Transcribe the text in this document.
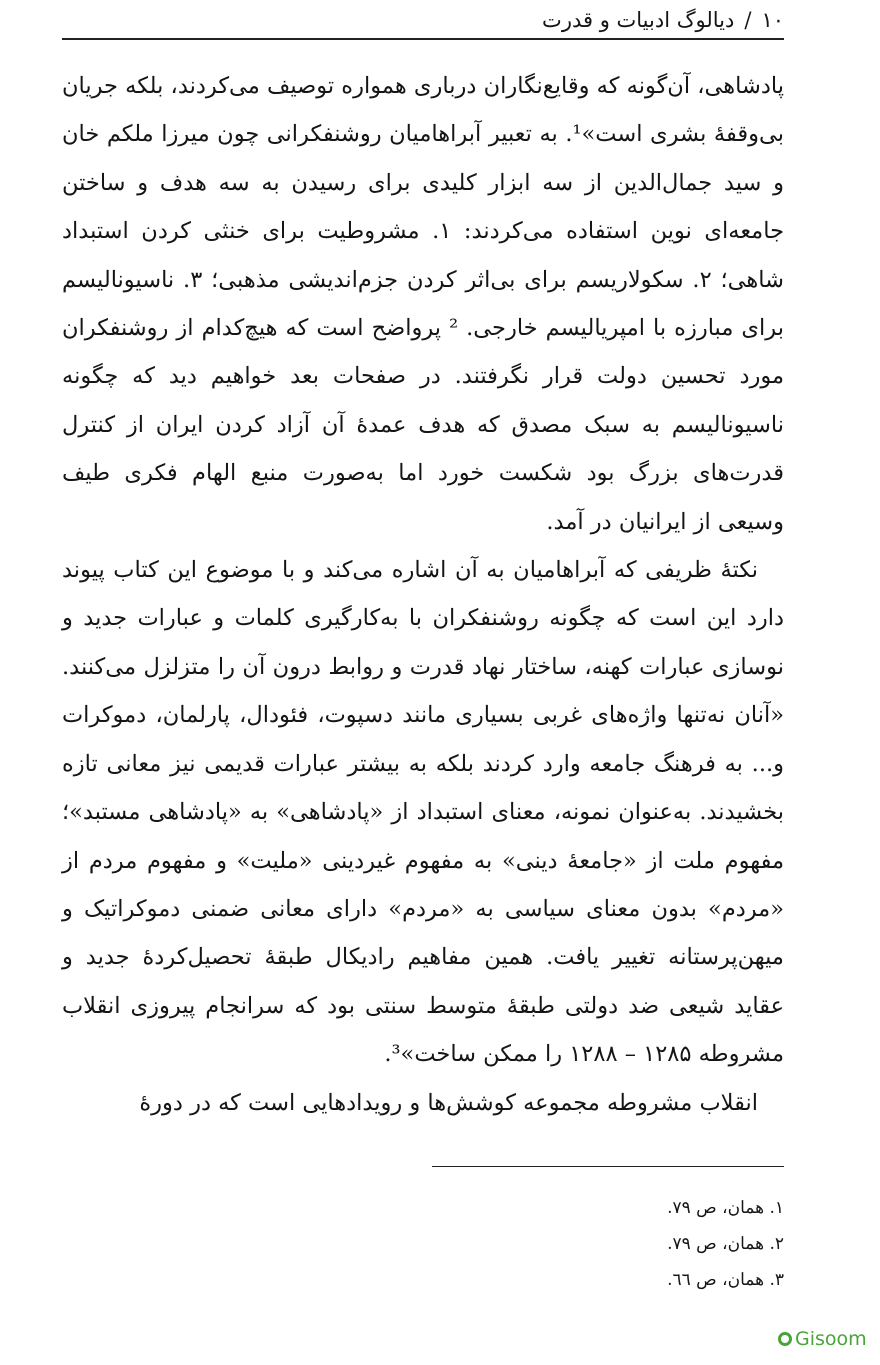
۱۰
/
دیالوگ ادبیات و قدرت

پادشاهی، آن‌گونه که وقایع‌نگاران درباری همواره توصیف می‌کردند، بلکه جریان بی‌وقفهٔ بشری است»¹. به تعبیر آبراهامیان روشنفکرانی چون میرزا ملکم خان و سید جمال‌الدین از سه ابزار کلیدی برای رسیدن به سه هدف و ساختن جامعه‌ای نوین استفاده می‌کردند: ۱. مشروطیت برای خنثی کردن استبداد شاهی؛ ۲. سکولاریسم برای بی‌اثر کردن جزم‌اندیشی مذهبی؛ ۳. ناسیونالیسم برای مبارزه با امپریالیسم خارجی. ² پرواضح است که هیچ‌کدام از روشنفکران مورد تحسین دولت قرار نگرفتند. در صفحات بعد خواهیم دید که چگونه ناسیونالیسم به سبک مصدق که هدف عمدهٔ آن آزاد کردن ایران از کنترل قدرت‌های بزرگ بود شکست خورد اما به‌صورت منبع الهام فکری طیف وسیعی از ایرانیان در آمد.

نکتهٔ ظریفی که آبراهامیان به آن اشاره می‌کند و با موضوع این کتاب پیوند دارد این است که چگونه روشنفکران با به‌کارگیری کلمات و عبارات جدید و نوسازی عبارات کهنه، ساختار نهاد قدرت و روابط درون آن را متزلزل می‌کنند. «آنان نه‌تنها واژه‌های غربی بسیاری مانند دسپوت، فئودال، پارلمان، دموکرات و... به فرهنگ جامعه وارد کردند بلکه به بیشتر عبارات قدیمی نیز معانی تازه بخشیدند. به‌عنوان نمونه، معنای استبداد از «پادشاهی» به «پادشاهی مستبد»؛ مفهوم ملت از «جامعهٔ دینی» به مفهوم غیردینی «ملیت» و مفهوم مردم از «مردم» بدون معنای سیاسی به «مردم» دارای معانی ضمنی دموکراتیک و میهن‌پرستانه تغییر یافت. همین مفاهیم رادیکال طبقهٔ تحصیل‌کردهٔ جدید و عقاید شیعی ضد دولتی طبقهٔ متوسط سنتی بود که سرانجام پیروزی انقلاب مشروطه ۱۲۸۵ – ۱۲۸۸ را ممکن ساخت»³.

انقلاب مشروطه مجموعه کوشش‌ها و رویدادهایی است که در دورهٔ

۱. همان، ص ۷۹.
۲. همان، ص ۷۹.
۳. همان، ص ٦٦.
Gisoom
